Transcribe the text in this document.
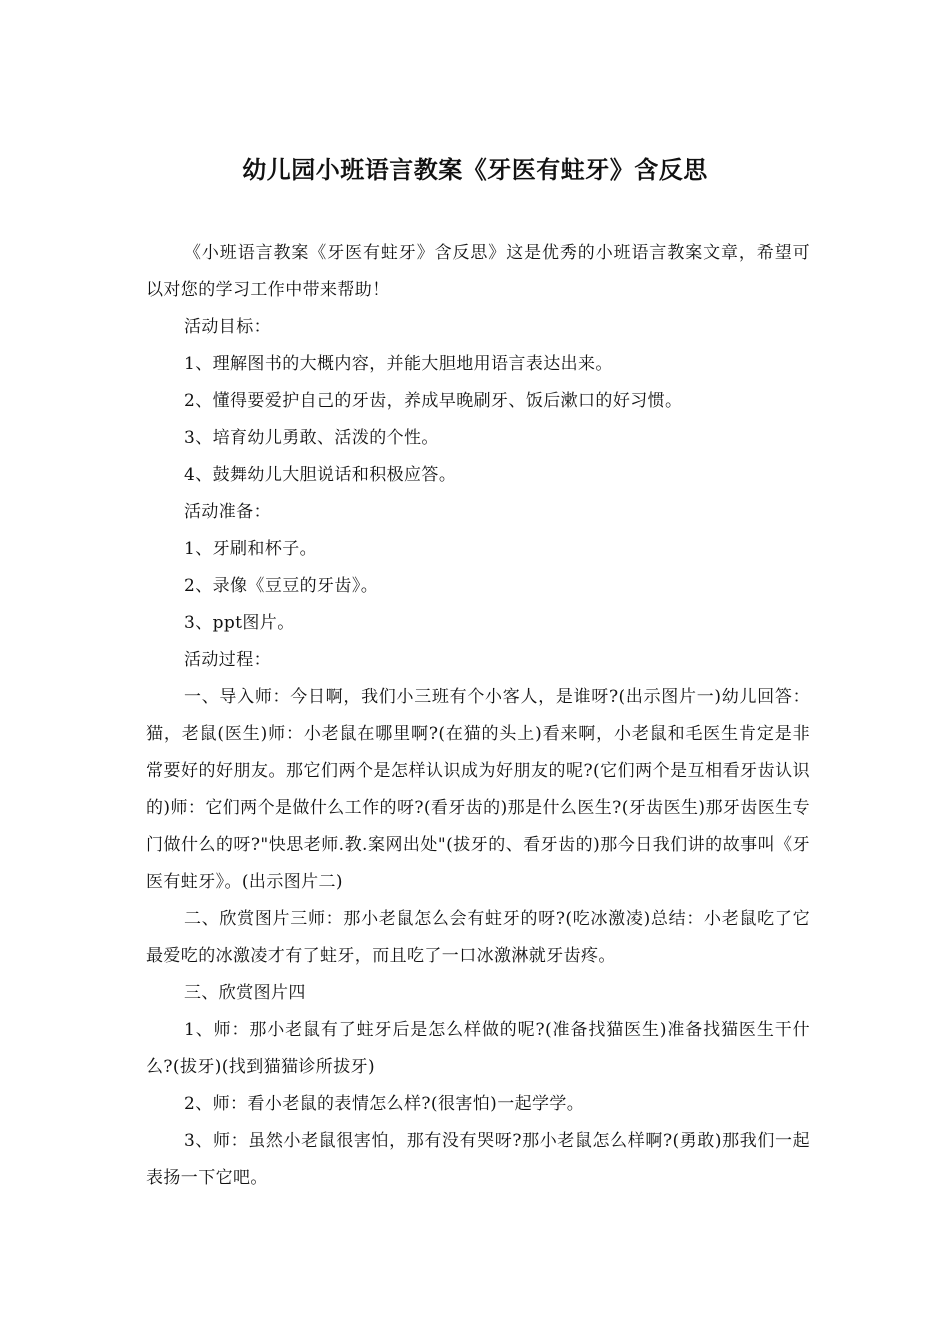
幼儿园小班语言教案《牙医有蛀牙》含反思

《小班语言教案《牙医有蛀牙》含反思》这是优秀的小班语言教案文章，希望可以对您的学习工作中带来帮助！

活动目标：

1、理解图书的大概内容，并能大胆地用语言表达出来。

2、懂得要爱护自己的牙齿，养成早晚刷牙、饭后漱口的好习惯。

3、培育幼儿勇敢、活泼的个性。

4、鼓舞幼儿大胆说话和积极应答。

活动准备：

1、牙刷和杯子。

2、录像《豆豆的牙齿》。

3、ppt图片。

活动过程：

一、导入师：今日啊，我们小三班有个小客人，是谁呀?(出示图片一)幼儿回答：猫，老鼠(医生)师：小老鼠在哪里啊?(在猫的头上)看来啊，小老鼠和毛医生肯定是非常要好的好朋友。那它们两个是怎样认识成为好朋友的呢?(它们两个是互相看牙齿认识的)师：它们两个是做什么工作的呀?(看牙齿的)那是什么医生?(牙齿医生)那牙齿医生专门做什么的呀?"快思老师.教.案网出处"(拔牙的、看牙齿的)那今日我们讲的故事叫《牙医有蛀牙》。(出示图片二)

二、欣赏图片三师：那小老鼠怎么会有蛀牙的呀?(吃冰激凌)总结：小老鼠吃了它最爱吃的冰激凌才有了蛀牙，而且吃了一口冰激淋就牙齿疼。

三、欣赏图片四

1、师：那小老鼠有了蛀牙后是怎么样做的呢?(准备找猫医生)准备找猫医生干什么?(拔牙)(找到猫猫诊所拔牙)

2、师：看小老鼠的表情怎么样?(很害怕)一起学学。

3、师：虽然小老鼠很害怕，那有没有哭呀?那小老鼠怎么样啊?(勇敢)那我们一起表扬一下它吧。
